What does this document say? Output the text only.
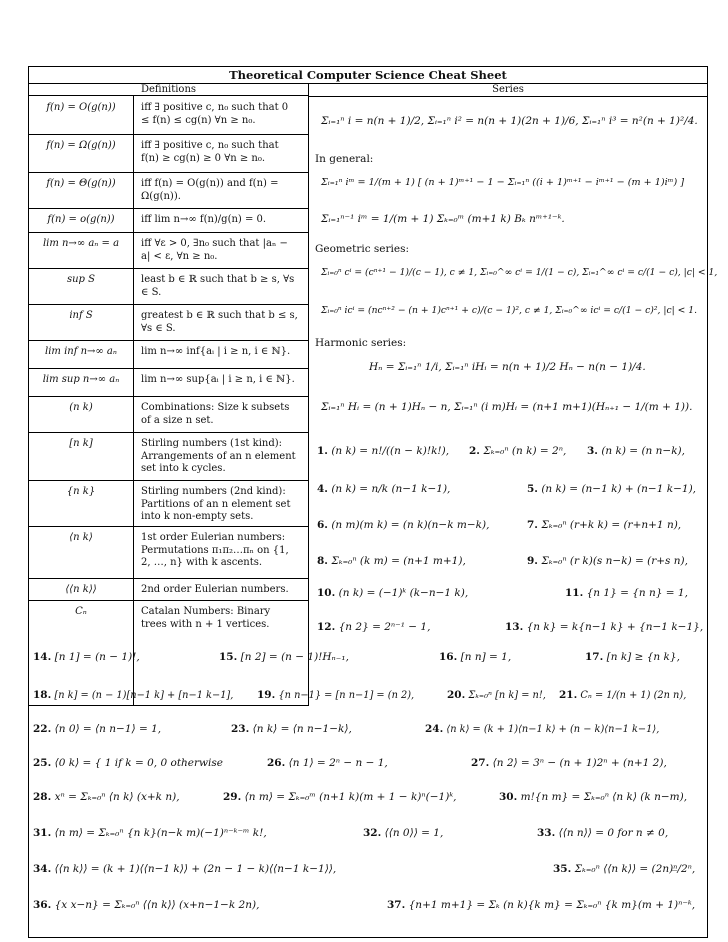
Theoretical Computer Science Cheat Sheet
Definitions	Series
f(n) = O(g(n))	iff ∃ positive c, n₀ such that 0 ≤ f(n) ≤ cg(n) ∀n ≥ n₀.
f(n) = Ω(g(n))	iff ∃ positive c, n₀ such that f(n) ≥ cg(n) ≥ 0 ∀n ≥ n₀.
f(n) = Θ(g(n))	iff f(n) = O(g(n)) and f(n) = Ω(g(n)).
f(n) = o(g(n))	iff lim n→∞ f(n)/g(n) = 0.
lim n→∞ aₙ = a	iff ∀ε > 0, ∃n₀ such that |aₙ − a| < ε, ∀n ≥ n₀.
sup S	least b ∈ ℝ such that b ≥ s, ∀s ∈ S.
inf S	greatest b ∈ ℝ such that b ≤ s, ∀s ∈ S.
lim inf n→∞ aₙ	lim n→∞ inf{aᵢ | i ≥ n, i ∈ ℕ}.
lim sup n→∞ aₙ	lim n→∞ sup{aᵢ | i ≥ n, i ∈ ℕ}.
(n k)	Combinations: Size k subsets of a size n set.
[n k]	Stirling numbers (1st kind): Arrangements of an n element set into k cycles.
{n k}	Stirling numbers (2nd kind): Partitions of an n element set into k non-empty sets.
⟨n k⟩	1st order Eulerian numbers: Permutations π₁π₂…πₙ on {1, 2, …, n} with k ascents.
⟨⟨n k⟩⟩	2nd order Eulerian numbers.
Cₙ	Catalan Numbers: Binary trees with n + 1 vertices.
Σᵢ₌₁ⁿ i = n(n + 1)/2, Σᵢ₌₁ⁿ i² = n(n + 1)(2n + 1)/6, Σᵢ₌₁ⁿ i³ = n²(n + 1)²/4.
In general:
Σᵢ₌₁ⁿ iᵐ = 1/(m + 1) [ (n + 1)ᵐ⁺¹ − 1 − Σᵢ₌₁ⁿ ((i + 1)ᵐ⁺¹ − iᵐ⁺¹ − (m + 1)iᵐ) ]
Σᵢ₌₁ⁿ⁻¹ iᵐ = 1/(m + 1) Σₖ₌₀ᵐ (m+1 k) Bₖ nᵐ⁺¹⁻ᵏ.
Geometric series:
Σᵢ₌₀ⁿ cⁱ = (cⁿ⁺¹ − 1)/(c − 1), c ≠ 1, Σᵢ₌₀^∞ cⁱ = 1/(1 − c), Σᵢ₌₁^∞ cⁱ = c/(1 − c), |c| < 1,
Σᵢ₌₀ⁿ icⁱ = (ncⁿ⁺² − (n + 1)cⁿ⁺¹ + c)/(c − 1)², c ≠ 1, Σᵢ₌₀^∞ icⁱ = c/(1 − c)², |c| < 1.
Harmonic series:
Hₙ = Σᵢ₌₁ⁿ 1/i, Σᵢ₌₁ⁿ iHᵢ = n(n + 1)/2 Hₙ − n(n − 1)/4.
Σᵢ₌₁ⁿ Hᵢ = (n + 1)Hₙ − n, Σᵢ₌₁ⁿ (i m)Hᵢ = (n+1 m+1)(Hₙ₊₁ − 1/(m + 1)).
1. (n k) = n!/((n − k)!k!), 2. Σₖ₌₀ⁿ (n k) = 2ⁿ, 3. (n k) = (n n−k),
4. (n k) = n/k (n−1 k−1),	5. (n k) = (n−1 k) + (n−1 k−1),
6. (n m)(m k) = (n k)(n−k m−k),	7. Σₖ₌₀ⁿ (r+k k) = (r+n+1 n),
8. Σₖ₌₀ⁿ (k m) = (n+1 m+1),	9. Σₖ₌₀ⁿ (r k)(s n−k) = (r+s n),
10. (n k) = (−1)ᵏ (k−n−1 k),	11. {n 1} = {n n} = 1,
12. {n 2} = 2ⁿ⁻¹ − 1,	13. {n k} = k{n−1 k} + {n−1 k−1},
14. [n 1] = (n − 1)!,	15. [n 2] = (n − 1)!Hₙ₋₁,	16. [n n] = 1,	17. [n k] ≥ {n k},
18. [n k] = (n − 1)[n−1 k] + [n−1 k−1], 19. {n n−1} = [n n−1] = (n 2),	20. Σₖ₌₀ⁿ [n k] = n!, 21. Cₙ = 1/(n + 1) (2n n),
22. ⟨n 0⟩ = ⟨n n−1⟩ = 1,	23. ⟨n k⟩ = ⟨n n−1−k⟩,	24. ⟨n k⟩ = (k + 1)⟨n−1 k⟩ + (n − k)⟨n−1 k−1⟩,
25. ⟨0 k⟩ = { 1 if k = 0, 0 otherwise	26. ⟨n 1⟩ = 2ⁿ − n − 1,	27. ⟨n 2⟩ = 3ⁿ − (n + 1)2ⁿ + (n+1 2),
28. xⁿ = Σₖ₌₀ⁿ ⟨n k⟩ (x+k n),	29. ⟨n m⟩ = Σₖ₌₀ᵐ (n+1 k)(m + 1 − k)ⁿ(−1)ᵏ,	30. m!{n m} = Σₖ₌₀ⁿ ⟨n k⟩ (k n−m),
31. ⟨n m⟩ = Σₖ₌₀ⁿ {n k}(n−k m)(−1)ⁿ⁻ᵏ⁻ᵐ k!,	32. ⟨⟨n 0⟩⟩ = 1,	33. ⟨⟨n n⟩⟩ = 0 for n ≠ 0,
34. ⟨⟨n k⟩⟩ = (k + 1)⟨⟨n−1 k⟩⟩ + (2n − 1 − k)⟨⟨n−1 k−1⟩⟩,	35. Σₖ₌₀ⁿ ⟨⟨n k⟩⟩ = (2n)ⁿ̲/2ⁿ,
36. {x x−n} = Σₖ₌₀ⁿ ⟨⟨n k⟩⟩ (x+n−1−k 2n),	37. {n+1 m+1} = Σₖ (n k){k m} = Σₖ₌₀ⁿ {k m}(m + 1)ⁿ⁻ᵏ,
